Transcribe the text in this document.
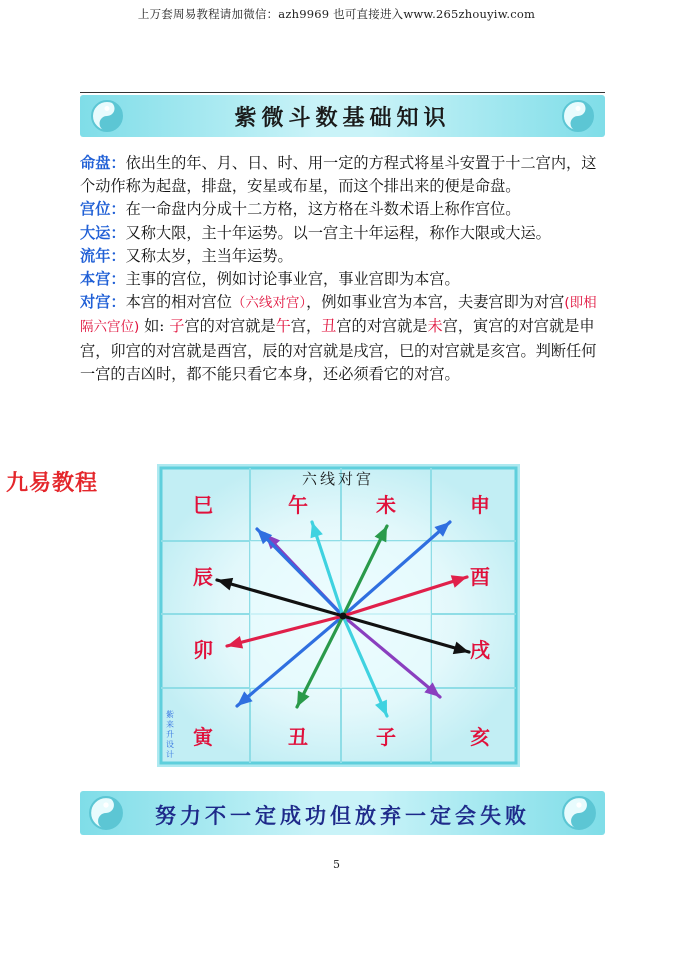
上万套周易教程请加微信：azh9969 也可直接进入www.265zhouyiw.com
紫微斗数基础知识

命盘：依出生的年、月、日、时、用一定的方程式将星斗安置于十二宫内，这个动作称为起盘，排盘，安星或布星，而这个排出来的便是命盘。

宫位：在一命盘内分成十二方格，这方格在斗数术语上称作宫位。

大运：又称大限，主十年运势。以一宫主十年运程，称作大限或大运。

流年：又称太岁，主当年运势。

本宫：主事的宫位，例如讨论事业宫，事业宫即为本宫。

对宫：本宫的相对宫位（六线对宫），例如事业宫为本宫，夫妻宫即为对宫(即相隔六宫位) 如: 子宫的对宫就是午宫，丑宫的对宫就是未宫，寅宫的对宫就是申宫，卯宫的对宫就是酉宫，辰的对宫就是戌宫，巳的对宫就是亥宫。判断任何一宫的吉凶时，都不能只看它本身，还必须看它的对宫。

九易教程	六线对宫
巳	午	未	申
辰	酉
卯	戌
寅	丑	子	亥
紫
来
升
设
计
努力不一定成功但放弃一定会失败
5
